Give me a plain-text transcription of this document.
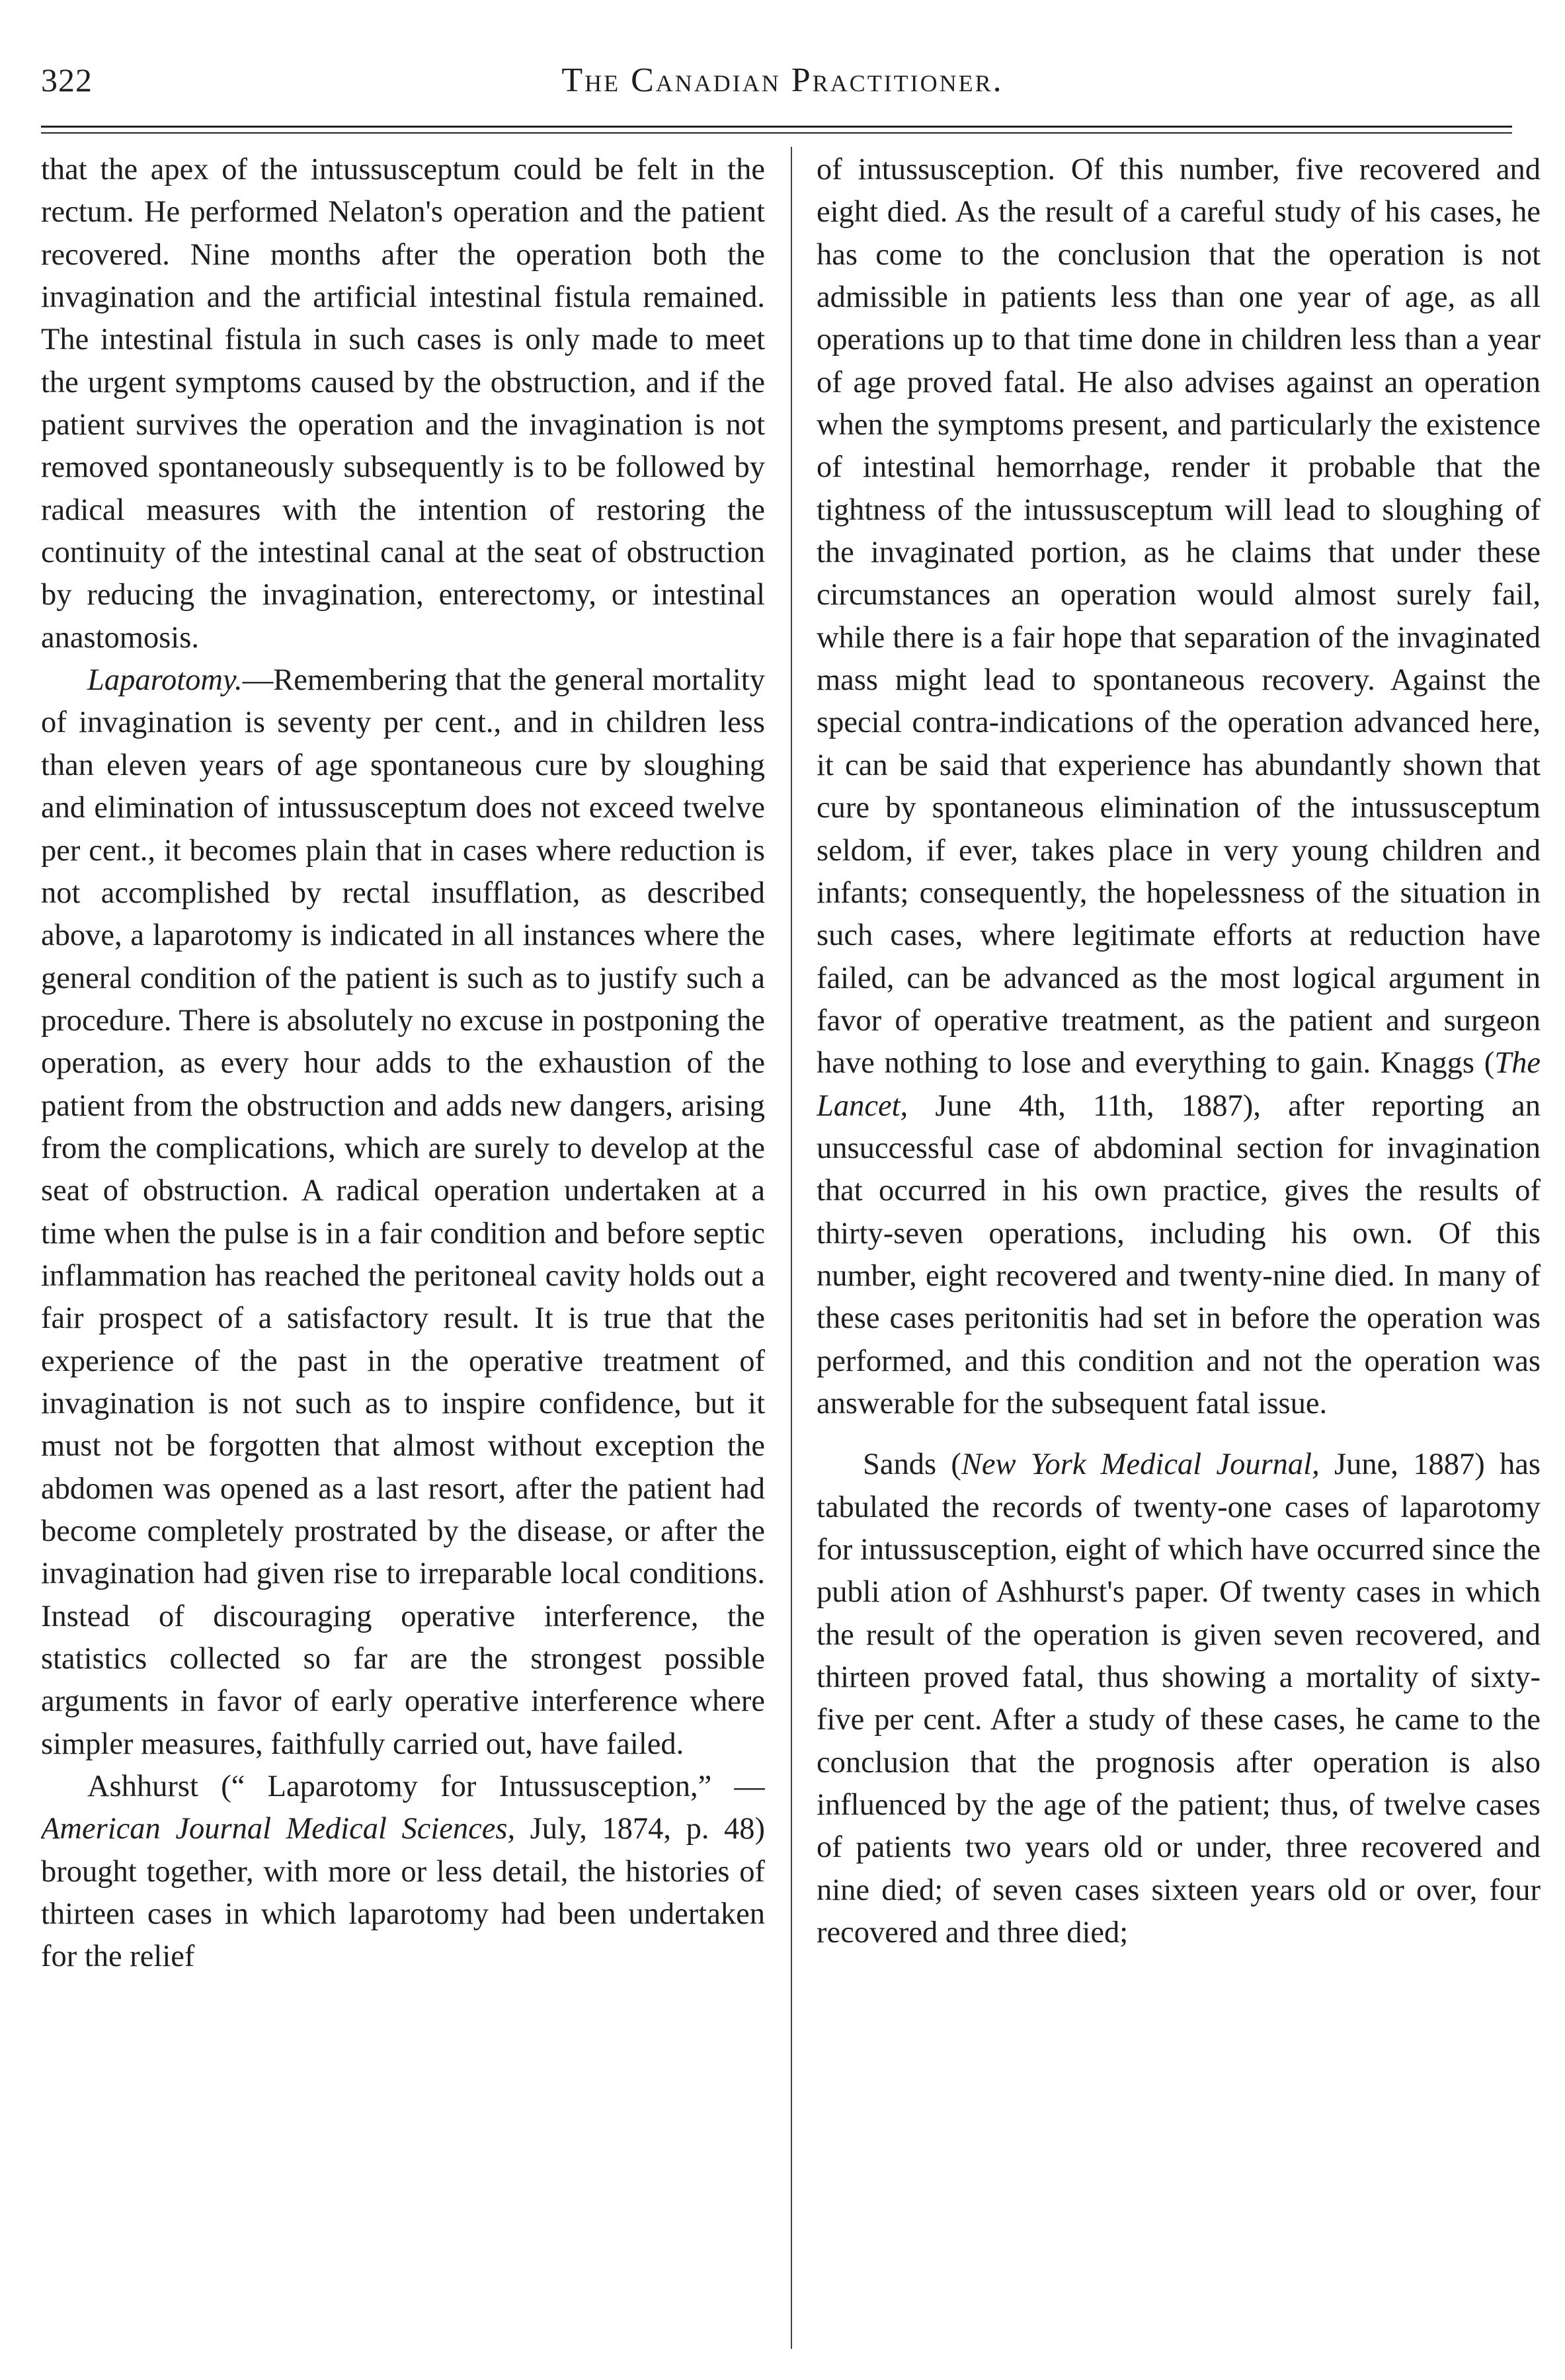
322	The Canadian Practitioner.

that the apex of the intussusceptum could be felt in the rectum. He performed Nelaton's operation and the patient recovered. Nine months after the operation both the invagination and the artificial intestinal fistula remained. The intestinal fistula in such cases is only made to meet the urgent symptoms caused by the obstruction, and if the patient survives the operation and the invagination is not removed spontaneously subsequently is to be followed by radical measures with the intention of restoring the continuity of the intestinal canal at the seat of obstruction by reducing the invagination, enterectomy, or intestinal anastomosis.

Laparotomy.—Remembering that the general mortality of invagination is seventy per cent., and in children less than eleven years of age spontaneous cure by sloughing and elimination of intussusceptum does not exceed twelve per cent., it becomes plain that in cases where reduction is not accomplished by rectal insufflation, as described above, a laparotomy is indicated in all instances where the general condition of the patient is such as to justify such a procedure. There is absolutely no excuse in postponing the operation, as every hour adds to the exhaustion of the patient from the obstruction and adds new dangers, arising from the complications, which are surely to develop at the seat of obstruction. A radical operation undertaken at a time when the pulse is in a fair condition and before septic inflammation has reached the peritoneal cavity holds out a fair prospect of a satisfactory result. It is true that the experience of the past in the operative treatment of invagination is not such as to inspire confidence, but it must not be forgotten that almost without exception the abdomen was opened as a last resort, after the patient had become completely prostrated by the disease, or after the invagination had given rise to irreparable local conditions. Instead of discouraging operative interference, the statistics collected so far are the strongest possible arguments in favor of early operative interference where simpler measures, faithfully carried out, have failed.

Ashhurst (“ Laparotomy for Intussusception,” —American Journal Medical Sciences, July, 1874, p. 48) brought together, with more or less detail, the histories of thirteen cases in which laparotomy had been undertaken for the relief

of intussusception. Of this number, five recovered and eight died. As the result of a careful study of his cases, he has come to the conclusion that the operation is not admissible in patients less than one year of age, as all operations up to that time done in children less than a year of age proved fatal. He also advises against an operation when the symptoms present, and particularly the existence of intestinal hemorrhage, render it probable that the tightness of the intussusceptum will lead to sloughing of the invaginated portion, as he claims that under these circumstances an operation would almost surely fail, while there is a fair hope that separation of the invaginated mass might lead to spontaneous recovery. Against the special contra-indications of the operation advanced here, it can be said that experience has abundantly shown that cure by spontaneous elimination of the intussusceptum seldom, if ever, takes place in very young children and infants; consequently, the hopelessness of the situation in such cases, where legitimate efforts at reduction have failed, can be advanced as the most logical argument in favor of operative treatment, as the patient and surgeon have nothing to lose and everything to gain. Knaggs (The Lancet, June 4th, 11th, 1887), after reporting an unsuccessful case of abdominal section for invagination that occurred in his own practice, gives the results of thirty-seven operations, including his own. Of this number, eight recovered and twenty-nine died. In many of these cases peritonitis had set in before the operation was performed, and this condition and not the operation was answerable for the subsequent fatal issue.

Sands (New York Medical Journal, June, 1887) has tabulated the records of twenty-one cases of laparotomy for intussusception, eight of which have occurred since the publi ation of Ashhurst's paper. Of twenty cases in which the result of the operation is given seven recovered, and thirteen proved fatal, thus showing a mortality of sixty-five per cent. After a study of these cases, he came to the conclusion that the prognosis after operation is also influenced by the age of the patient; thus, of twelve cases of patients two years old or under, three recovered and nine died; of seven cases sixteen years old or over, four recovered and three died;
